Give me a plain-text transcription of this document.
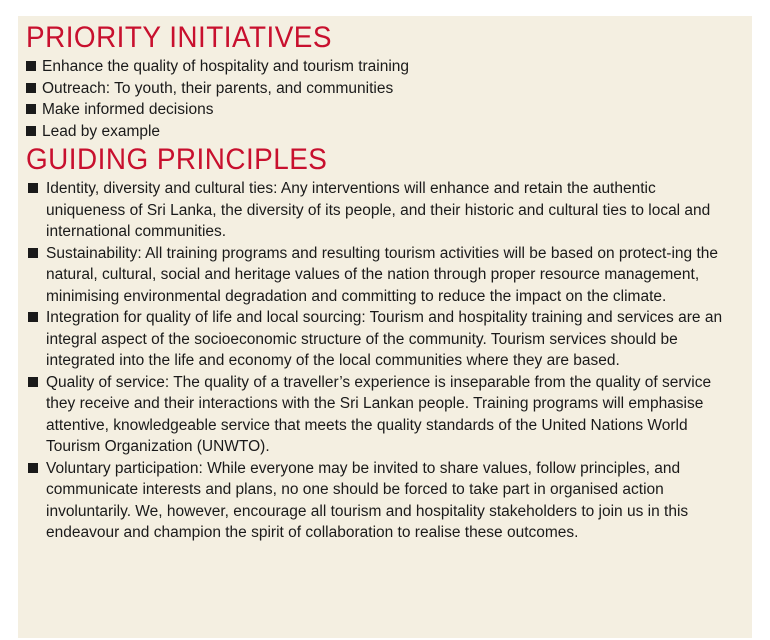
PRIORITY INITIATIVES
Enhance the quality of hospitality and tourism training
Outreach: To youth, their parents, and communities
Make informed decisions
Lead by example
GUIDING PRINCIPLES
Identity, diversity and cultural ties: Any interventions will enhance and retain the authentic uniqueness of Sri Lanka, the diversity of its people, and their historic and cultural ties to local and international communities.
Sustainability: All training programs and resulting tourism activities will be based on protect-ing the natural, cultural, social and heritage values of the nation through proper resource management, minimising environmental degradation and committing to reduce the impact on the climate.
Integration for quality of life and local sourcing: Tourism and hospitality training and services are an integral aspect of the socioeconomic structure of the community. Tourism services should be integrated into the life and economy of the local communities where they are based.
Quality of service: The quality of a traveller’s experience is inseparable from the quality of service they receive and their interactions with the Sri Lankan people. Training programs will emphasise attentive, knowledgeable service that meets the quality standards of the United Nations World Tourism Organization (UNWTO).
Voluntary participation: While everyone may be invited to share values, follow principles, and communicate interests and plans, no one should be forced to take part in organised action involuntarily. We, however, encourage all tourism and hospitality stakeholders to join us in this endeavour and champion the spirit of collaboration to realise these outcomes.
